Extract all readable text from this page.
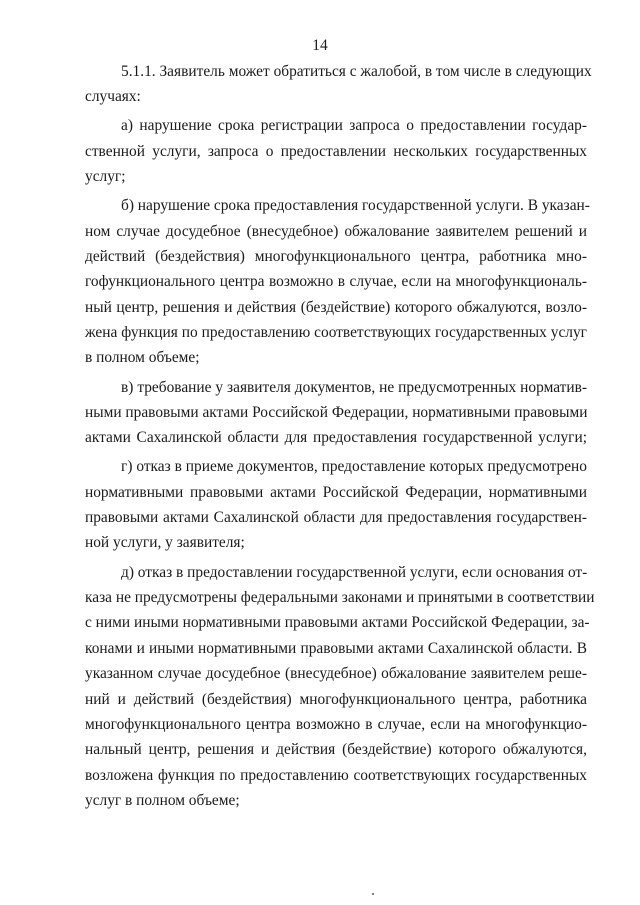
14
5.1.1. Заявитель может обратиться с жалобой, в том числе в следующих
случаях:
а) нарушение срока регистрации запроса о предоставлении государ-
ственной услуги, запроса о предоставлении нескольких государственных
услуг;
б) нарушение срока предоставления государственной услуги. В указан-
ном случае досудебное (внесудебное) обжалование заявителем решений и
действий (бездействия) многофункционального центра, работника мно-
гофункционального центра возможно в случае, если на многофункциональ-
ный центр, решения и действия (бездействие) которого обжалуются, возло-
жена функция по предоставлению соответствующих государственных услуг
в полном объеме;
в) требование у заявителя документов, не предусмотренных норматив-
ными правовыми актами Российской Федерации, нормативными правовыми
актами Сахалинской области для предоставления государственной услуги;
г) отказ в приеме документов, предоставление которых предусмотрено
нормативными правовыми актами Российской Федерации, нормативными
правовыми актами Сахалинской области для предоставления государствен-
ной услуги, у заявителя;
д) отказ в предоставлении государственной услуги, если основания от-
каза не предусмотрены федеральными законами и принятыми в соответствии
с ними иными нормативными правовыми актами Российской Федерации, за-
конами и иными нормативными правовыми актами Сахалинской области. В
указанном случае досудебное (внесудебное) обжалование заявителем реше-
ний и действий (бездействия) многофункционального центра, работника
многофункционального центра возможно в случае, если на многофункцио-
нальный центр, решения и действия (бездействие) которого обжалуются,
возложена функция по предоставлению соответствующих государственных
услуг в полном объеме;
